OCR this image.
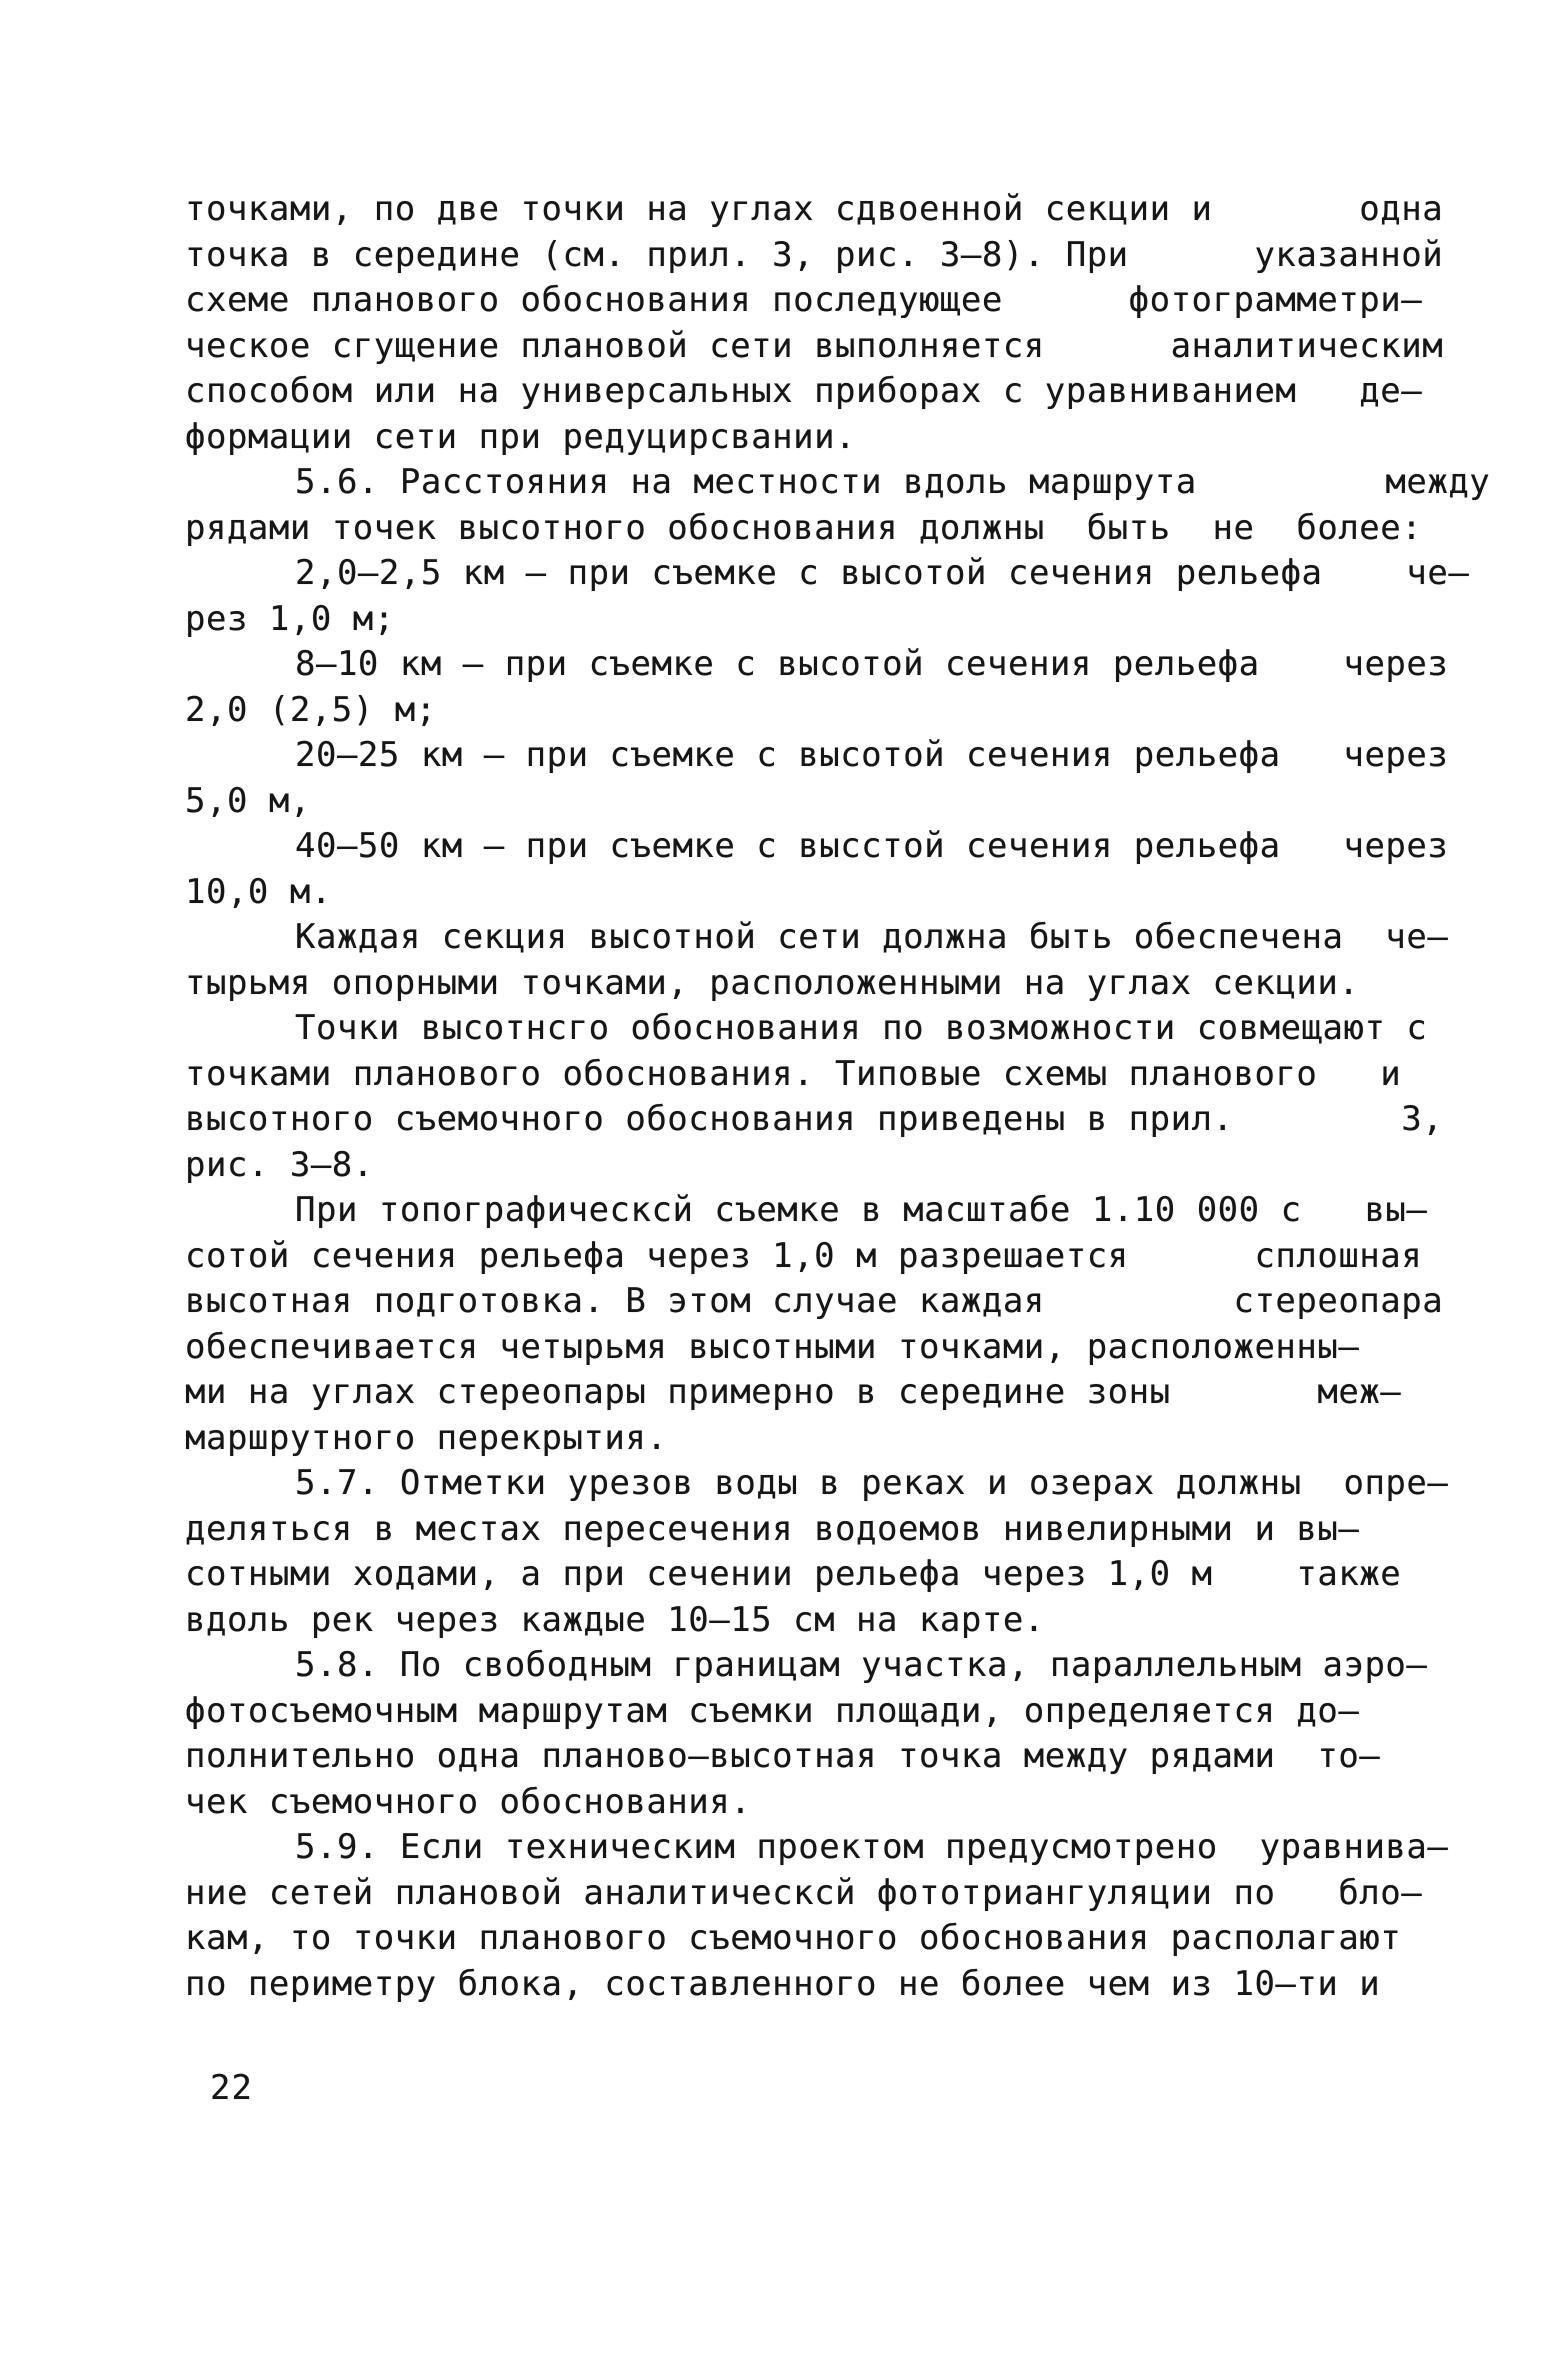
точками, по две точки на углах сдвоенной секции и       одна
точка в середине (см. прил. 3, рис. 3–8). При      указанной
схеме планового обоснования последующее      фотограмметри–
ческое сгущение плановой сети выполняется      аналитическим
способом или на универсальных приборах с уравниванием   де–
формации сети при редуцирсвании.
5.6. Расстояния на местности вдоль маршрута         между
рядами точек высотного обоснования должны  быть  не  более:
2,0–2,5 км – при съемке с высотой сечения рельефа    че–
рез 1,0 м;
8–10 км – при съемке с высотой сечения рельефа    через
2,0 (2,5) м;
20–25 км – при съемке с высотой сечения рельефа   через
5,0 м,
40–50 км – при съемке с высстой сечения рельефа   через
10,0 м.
Каждая секция высотной сети должна быть обеспечена  че–
тырьмя опорными точками, расположенными на углах секции.
Точки высотнсго обоснования по возможности совмещают с
точками планового обоснования. Типовые схемы планового   и
высотного съемочного обоснования приведены в прил.        3,
рис. 3–8.
При топографическсй съемке в масштабе 1.10 000 с   вы–
сотой сечения рельефа через 1,0 м разрешается      сплошная
высотная подготовка. В этом случае каждая         стереопара
обеспечивается четырьмя высотными точками, расположенны–
ми на углах стереопары примерно в середине зоны       меж–
маршрутного перекрытия.
5.7. Отметки урезов воды в реках и озерах должны  опре–
деляться в местах пересечения водоемов нивелирными и вы–
сотными ходами, а при сечении рельефа через 1,0 м    также
вдоль рек через каждые 10–15 см на карте.
5.8. По свободным границам участка, параллельным аэро–
фотосъемочным маршрутам съемки площади, определяется до–
полнительно одна планово–высотная точка между рядами  то–
чек съемочного обоснования.
5.9. Если техническим проектом предусмотрено  уравнива–
ние сетей плановой аналитическсй фототриангуляции по   бло–
кам, то точки планового съемочного обоснования располагают
по периметру блока, составленного не более чем из 10–ти и
22
